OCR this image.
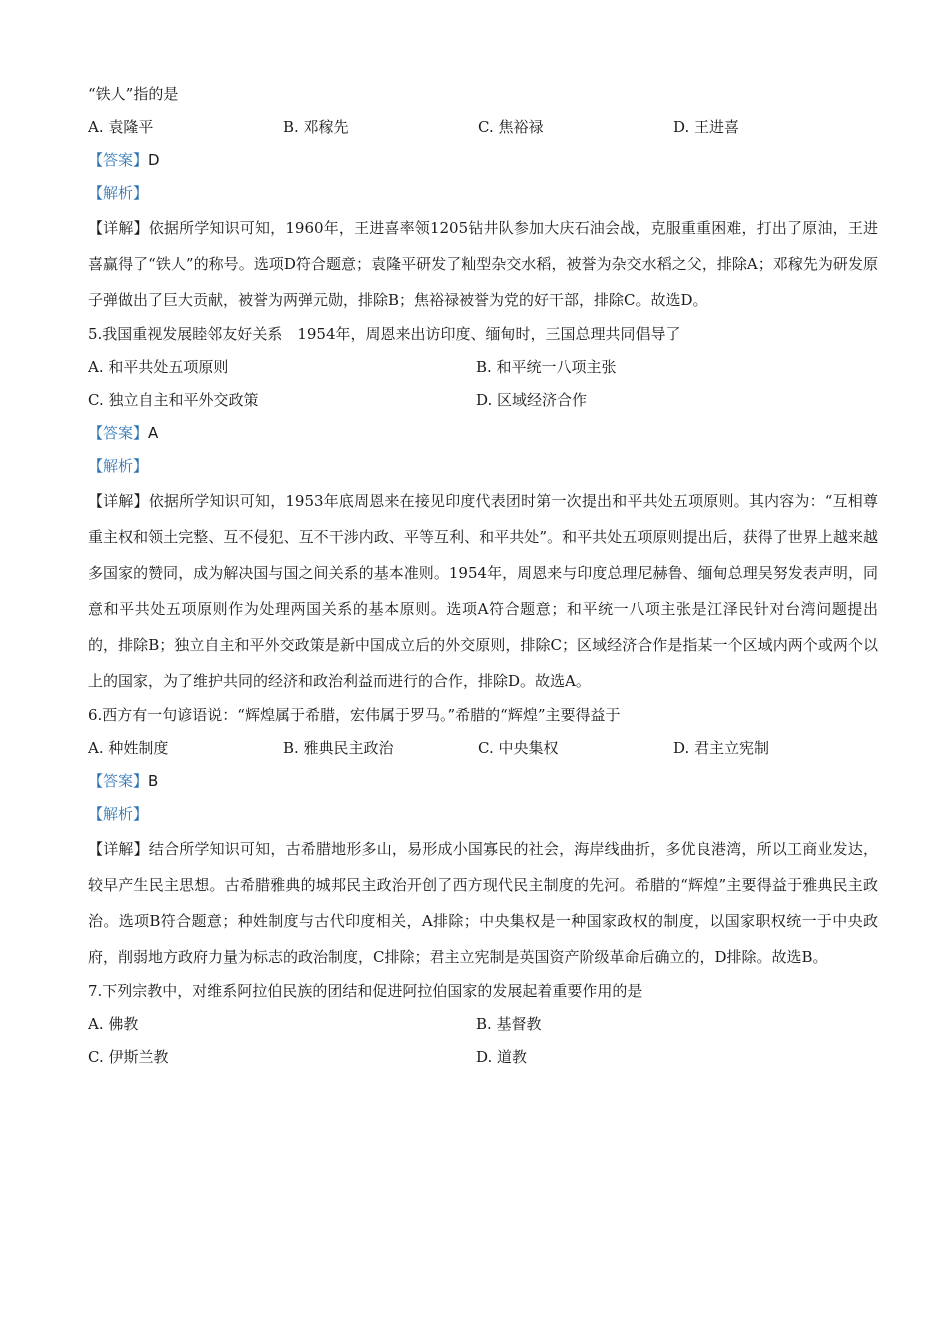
“铁人”指的是
A. 袁隆平	B. 邓稼先	C. 焦裕禄	D. 王进喜
【答案】D
【解析】
【详解】依据所学知识可知，1960年，王进喜率领1205钻井队参加大庆石油会战，克服重重困难，打出了原油，王进喜赢得了“铁人”的称号。选项D符合题意；袁隆平研发了籼型杂交水稻，被誉为杂交水稻之父，排除A；邓稼先为研发原子弹做出了巨大贡献，被誉为两弹元勋，排除B；焦裕禄被誉为党的好干部，排除C。故选D。
5.我国重视发展睦邻友好关系　1954年，周恩来出访印度、缅甸时，三国总理共同倡导了
A. 和平共处五项原则	B. 和平统一八项主张
C. 独立自主和平外交政策	D. 区域经济合作
【答案】A
【解析】
【详解】依据所学知识可知，1953年底周恩来在接见印度代表团时第一次提出和平共处五项原则。其内容为：“互相尊重主权和领土完整、互不侵犯、互不干涉内政、平等互利、和平共处”。和平共处五项原则提出后，获得了世界上越来越多国家的赞同，成为解决国与国之间关系的基本准则。1954年，周恩来与印度总理尼赫鲁、缅甸总理吴努发表声明，同意和平共处五项原则作为处理两国关系的基本原则。选项A符合题意；和平统一八项主张是江泽民针对台湾问题提出的，排除B；独立自主和平外交政策是新中国成立后的外交原则，排除C；区域经济合作是指某一个区域内两个或两个以上的国家，为了维护共同的经济和政治利益而进行的合作，排除D。故选A。
6.西方有一句谚语说：“辉煌属于希腊，宏伟属于罗马。”希腊的“辉煌”主要得益于
A. 种姓制度	B. 雅典民主政治	C. 中央集权	D. 君主立宪制
【答案】B
【解析】
【详解】结合所学知识可知，古希腊地形多山，易形成小国寡民的社会，海岸线曲折，多优良港湾，所以工商业发达，较早产生民主思想。古希腊雅典的城邦民主政治开创了西方现代民主制度的先河。希腊的“辉煌”主要得益于雅典民主政治。选项B符合题意；种姓制度与古代印度相关，A排除；中央集权是一种国家政权的制度，以国家职权统一于中央政府，削弱地方政府力量为标志的政治制度，C排除；君主立宪制是英国资产阶级革命后确立的，D排除。故选B。
7.下列宗教中，对维系阿拉伯民族的团结和促进阿拉伯国家的发展起着重要作用的是
A. 佛教	B. 基督教
C. 伊斯兰教	D. 道教
